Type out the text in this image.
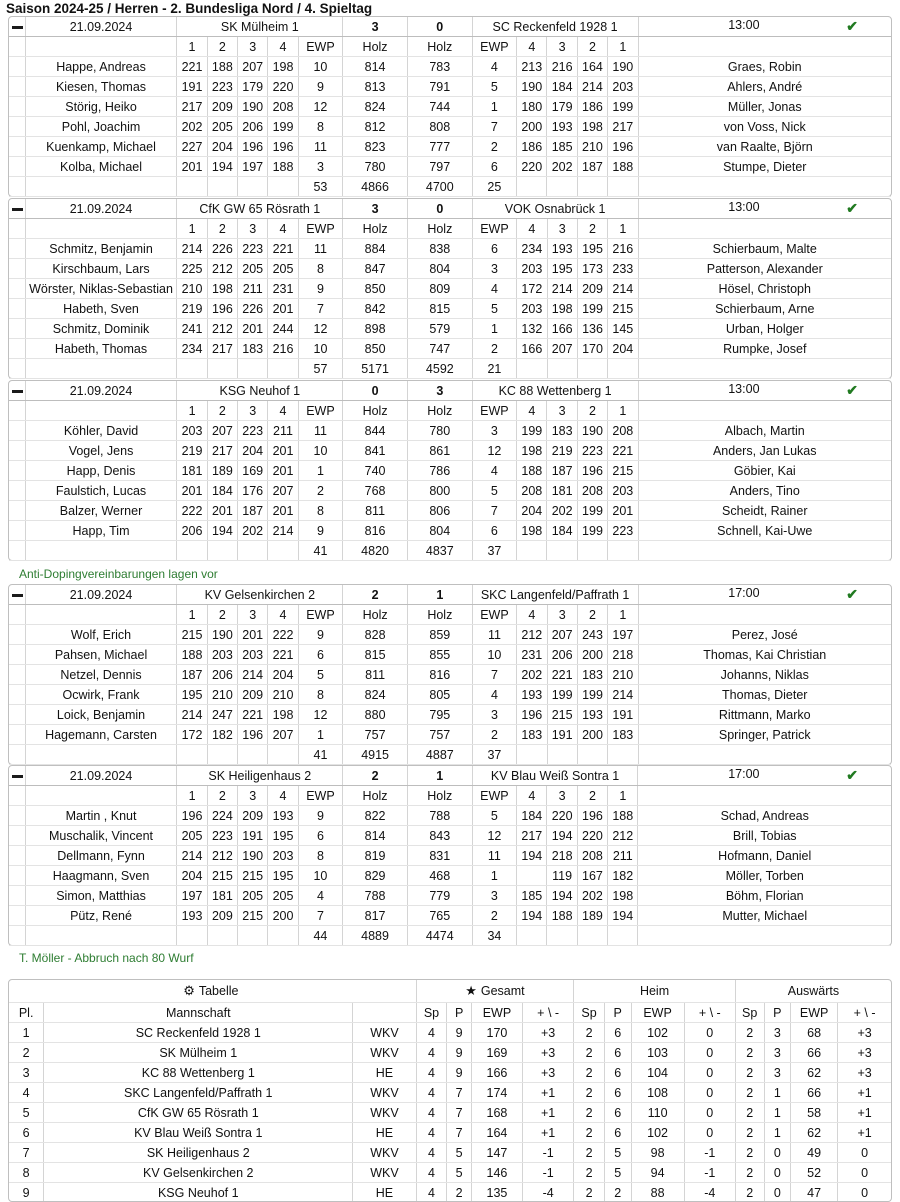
Saison 2024-25 / Herren - 2. Bundesliga Nord / 4. Spieltag
	21.09.2024	SK Mülheim 1					3	0	SC Reckenfeld 1928 1					13:00 ✔

		1	2	3	4	EWP	Holz	Holz	EWP	4	3	2	1	
	Happe, Andreas	221	188	207	198	10	814	783	4	213	216	164	190	Graes, Robin
	Kiesen, Thomas	191	223	179	220	9	813	791	5	190	184	214	203	Ahlers, André
	Störig, Heiko	217	209	190	208	12	824	744	1	180	179	186	199	Müller, Jonas
	Pohl, Joachim	202	205	206	199	8	812	808	7	200	193	198	217	von Voss, Nick
	Kuenkamp, Michael	227	204	196	196	11	823	777	2	186	185	210	196	van Raalte, Björn
	Kolba, Michael	201	194	197	188	3	780	797	6	220	202	187	188	Stumpe, Dieter
						53	4866	4700	25					
	21.09.2024	CfK GW 65 Rösrath 1					3	0	VOK Osnabrück 1					13:00 ✔

		1	2	3	4	EWP	Holz	Holz	EWP	4	3	2	1	
	Schmitz, Benjamin	214	226	223	221	11	884	838	6	234	193	195	216	Schierbaum, Malte
	Kirschbaum, Lars	225	212	205	205	8	847	804	3	203	195	173	233	Patterson, Alexander
	Wörster, Niklas-Sebastian	210	198	211	231	9	850	809	4	172	214	209	214	Hösel, Christoph
	Habeth, Sven	219	196	226	201	7	842	815	5	203	198	199	215	Schierbaum, Arne
	Schmitz, Dominik	241	212	201	244	12	898	579	1	132	166	136	145	Urban, Holger
	Habeth, Thomas	234	217	183	216	10	850	747	2	166	207	170	204	Rumpke, Josef
						57	5171	4592	21					
	21.09.2024	KSG Neuhof 1					0	3	KC 88 Wettenberg 1					13:00 ✔

		1	2	3	4	EWP	Holz	Holz	EWP	4	3	2	1	
	Köhler, David	203	207	223	211	11	844	780	3	199	183	190	208	Albach, Martin
	Vogel, Jens	219	217	204	201	10	841	861	12	198	219	223	221	Anders, Jan Lukas
	Happ, Denis	181	189	169	201	1	740	786	4	188	187	196	215	Göbier, Kai
	Faulstich, Lucas	201	184	176	207	2	768	800	5	208	181	208	203	Anders, Tino
	Balzer, Werner	222	201	187	201	8	811	806	7	204	202	199	201	Scheidt, Rainer
	Happ, Tim	206	194	202	214	9	816	804	6	198	184	199	223	Schnell, Kai-Uwe
						41	4820	4837	37					
Anti-Dopingvereinbarungen lagen vor
	21.09.2024	KV Gelsenkirchen 2					2	1	SKC Langenfeld/Paffrath 1					17:00 ✔

		1	2	3	4	EWP	Holz	Holz	EWP	4	3	2	1	
	Wolf, Erich	215	190	201	222	9	828	859	11	212	207	243	197	Perez, José
	Pahsen, Michael	188	203	203	221	6	815	855	10	231	206	200	218	Thomas, Kai Christian
	Netzel, Dennis	187	206	214	204	5	811	816	7	202	221	183	210	Johanns, Niklas
	Ocwirk, Frank	195	210	209	210	8	824	805	4	193	199	199	214	Thomas, Dieter
	Loick, Benjamin	214	247	221	198	12	880	795	3	196	215	193	191	Rittmann, Marko
	Hagemann, Carsten	172	182	196	207	1	757	757	2	183	191	200	183	Springer, Patrick
						41	4915	4887	37					
	21.09.2024	SK Heiligenhaus 2					2	1	KV Blau Weiß Sontra 1					17:00 ✔

		1	2	3	4	EWP	Holz	Holz	EWP	4	3	2	1	
	Martin , Knut	196	224	209	193	9	822	788	5	184	220	196	188	Schad, Andreas
	Muschalik, Vincent	205	223	191	195	6	814	843	12	217	194	220	212	Brill, Tobias
	Dellmann, Fynn	214	212	190	203	8	819	831	11	194	218	208	211	Hofmann, Daniel
	Haagmann, Sven	204	215	215	195	10	829	468	1		119	167	182	Möller, Torben
	Simon, Matthias	197	181	205	205	4	788	779	3	185	194	202	198	Böhm, Florian
	Pütz, René	193	209	215	200	7	817	765	2	194	188	189	194	Mutter, Michael
						44	4889	4474	34					
T. Möller - Abbruch nach 80 Wurf
⚙ Tabelle			★ Gesamt				Heim				Auswärts			
Pl.	Mannschaft		Sp	P	EWP	+ \ -	Sp	P	EWP	+ \ -	Sp	P	EWP	+ \ -
1	SC Reckenfeld 1928 1	WKV	4	9	170	+3	2	6	102	0	2	3	68	+3
2	SK Mülheim 1	WKV	4	9	169	+3	2	6	103	0	2	3	66	+3
3	KC 88 Wettenberg 1	HE	4	9	166	+3	2	6	104	0	2	3	62	+3
4	SKC Langenfeld/Paffrath 1	WKV	4	7	174	+1	2	6	108	0	2	1	66	+1
5	CfK GW 65 Rösrath 1	WKV	4	7	168	+1	2	6	110	0	2	1	58	+1
6	KV Blau Weiß Sontra 1	HE	4	7	164	+1	2	6	102	0	2	1	62	+1
7	SK Heiligenhaus 2	WKV	4	5	147	-1	2	5	98	-1	2	0	49	0
8	KV Gelsenkirchen 2	WKV	4	5	146	-1	2	5	94	-1	2	0	52	0
9	KSG Neuhof 1	HE	4	2	135	-4	2	2	88	-4	2	0	47	0
